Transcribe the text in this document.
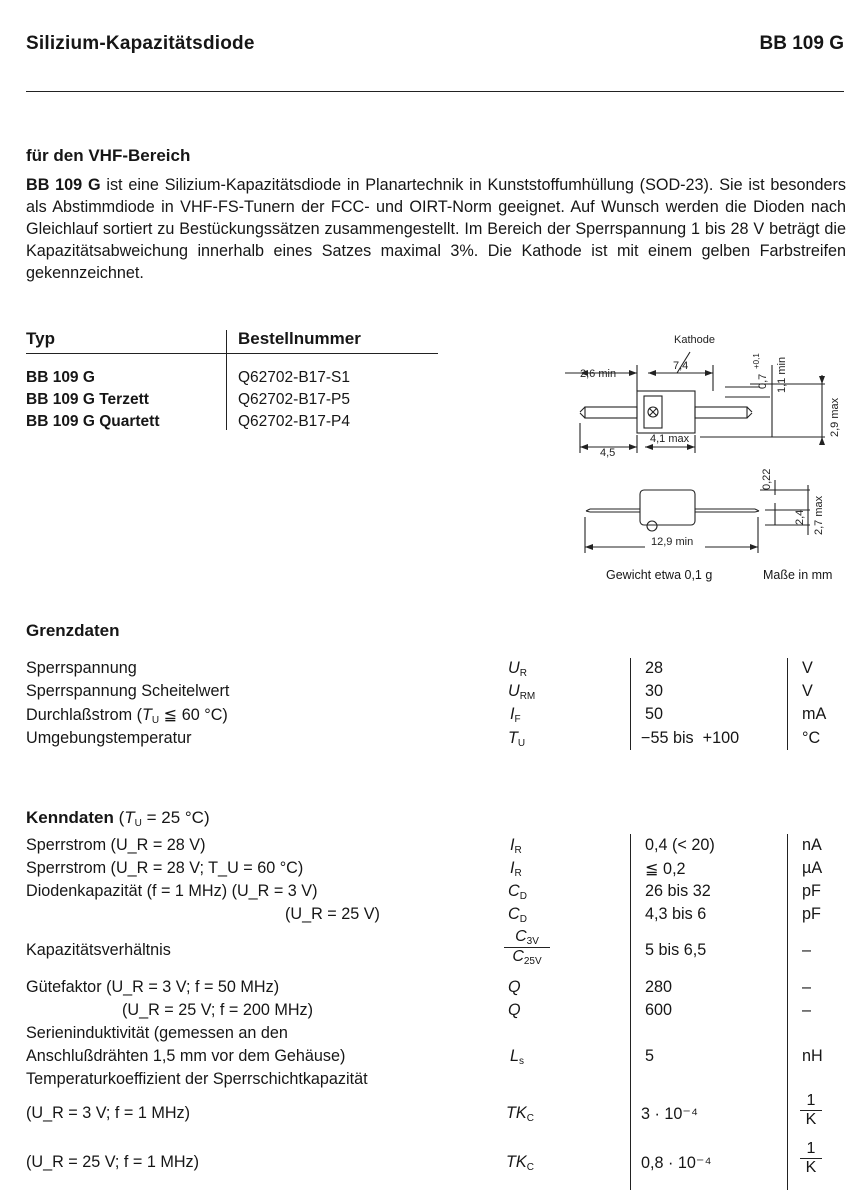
Silizium-Kapazitätsdiode	BB 109 G
für den VHF-Bereich
BB 109 G ist eine Silizium-Kapazitätsdiode in Planartechnik in Kunststoffumhüllung (SOD-23). Sie ist besonders als Abstimmdiode in VHF-FS-Tunern der FCC- und OIRT-Norm geeignet. Auf Wunsch werden die Dioden nach Gleichlauf sortiert zu Bestückungssätzen zusammengestellt. Im Bereich der Sperrspannung 1 bis 28 V beträgt die Kapazitätsabweichung innerhalb eines Satzes maximal 3%. Die Kathode ist mit einem gelben Farbstreifen gekennzeichnet.
Typ	Bestellnummer
BB 109 G	Q62702-B17-S1
BB 109 G Terzett	Q62702-B17-P5
BB 109 G Quartett	Q62702-B17-P4
Kathode
2,6 min
7,4
4,5
4,1 max
12,9 min
0,7
+0,1 1,1 min
2,9 max
0,22
2,4 2,7 max
Gewicht etwa 0,1 g	Maße in mm
Grenzdaten
Sperrspannung	$U_R$	28	V
Sperrspannung Scheitelwert	$U_{RM}$	30	V
Durchlaßstrom ($T_U$ ≦ 60 °C)	$I_F$	50	mA
Umgebungstemperatur	$T_U$	−55 bis  +100	°C
Kenndaten ($T_U = 25$ °C)
Sperrstrom (U_R = 28 V)	$I_R$	0,4 (< 20)	nA
Sperrstrom (U_R = 28 V; T_U = 60 °C)	$I_R$	≦ 0,2	µA
Diodenkapazität (f = 1 MHz) (U_R = 3 V)	$C_D$	26 bis 32	pF
(U_R = 25 V)	$C_D$	4,3 bis 6	pF
Kapazitätsverhältnis	$\frac{C_{3V}}{C_{25V}}$	5 bis 6,5	–
Gütefaktor (U_R = 3 V; f = 50 MHz)	Q	280	–
(U_R = 25 V; f = 200 MHz)	Q	600	–
Serieninduktivität (gemessen an den
Anschlußdrähten 1,5 mm vor dem Gehäuse)	$L_s$	5	nH
Temperaturkoeffizient der Sperrschichtkapazität
(U_R = 3 V; f = 1 MHz)	$TK_C$	3 · 10⁻⁴	$\frac{1}{K}$
(U_R = 25 V; f = 1 MHz)	$TK_C$	0,8 · 10⁻⁴	$\frac{1}{K}$
